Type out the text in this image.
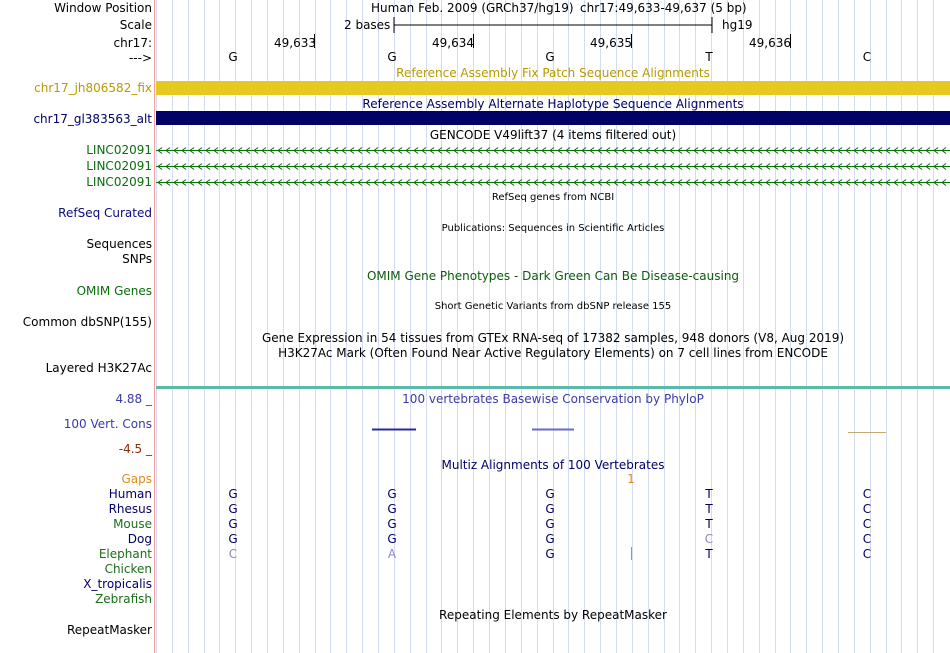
Window Position
Scale
chr17:
--->
Human Feb. 2009 (GRCh37/hg19) chr17:49,633-49,637 (5 bp)
2 bases	hg19
49,633	49,634	49,635	49,636
G	G	G	T	C
Reference Assembly Fix Patch Sequence Alignments
chr17_jh806582_fix
Reference Assembly Alternate Haplotype Sequence Alignments
chr17_gl383563_alt
GENCODE V49lift37 (4 items filtered out)
LINC02091
LINC02091
LINC02091
RefSeq genes from NCBI
RefSeq Curated
Publications: Sequences in Scientific Articles
Sequences
SNPs
OMIM Gene Phenotypes - Dark Green Can Be Disease-causing
OMIM Genes
Short Genetic Variants from dbSNP release 155
Common dbSNP(155)
Gene Expression in 54 tissues from GTEx RNA-seq of 17382 samples, 948 donors (V8, Aug 2019)
H3K27Ac Mark (Often Found Near Active Regulatory Elements) on 7 cell lines from ENCODE
Layered H3K27Ac
100 vertebrates Basewise Conservation by PhyloP
4.88 _
100 Vert. Cons
-4.5 _
Multiz Alignments of 100 Vertebrates
Gaps	1
Human	G	G	G	T	C
Rhesus	G	G	G	T	C
Mouse	G	G	G	T	C
Dog	G	G	G	C	C
Elephant	C	A	G	T	C
Chicken
X_tropicalis
Zebrafish
Repeating Elements by RepeatMasker
RepeatMasker
